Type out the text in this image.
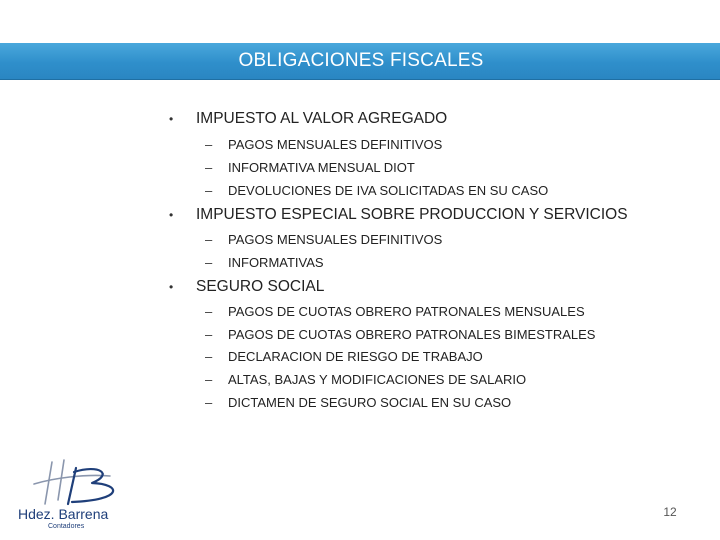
OBLIGACIONES FISCALES
• IMPUESTO AL VALOR AGREGADO
– PAGOS MENSUALES DEFINITIVOS
– INFORMATIVA MENSUAL DIOT
– DEVOLUCIONES DE IVA SOLICITADAS EN SU CASO
• IMPUESTO ESPECIAL SOBRE PRODUCCION Y SERVICIOS
– PAGOS MENSUALES DEFINITIVOS
– INFORMATIVAS
• SEGURO SOCIAL
– PAGOS DE CUOTAS OBRERO PATRONALES MENSUALES
– PAGOS DE CUOTAS OBRERO PATRONALES BIMESTRALES
– DECLARACION DE RIESGO DE TRABAJO
– ALTAS, BAJAS Y MODIFICACIONES DE SALARIO
– DICTAMEN DE SEGURO SOCIAL EN SU CASO
Hdez. Barrena
Contadores
12
